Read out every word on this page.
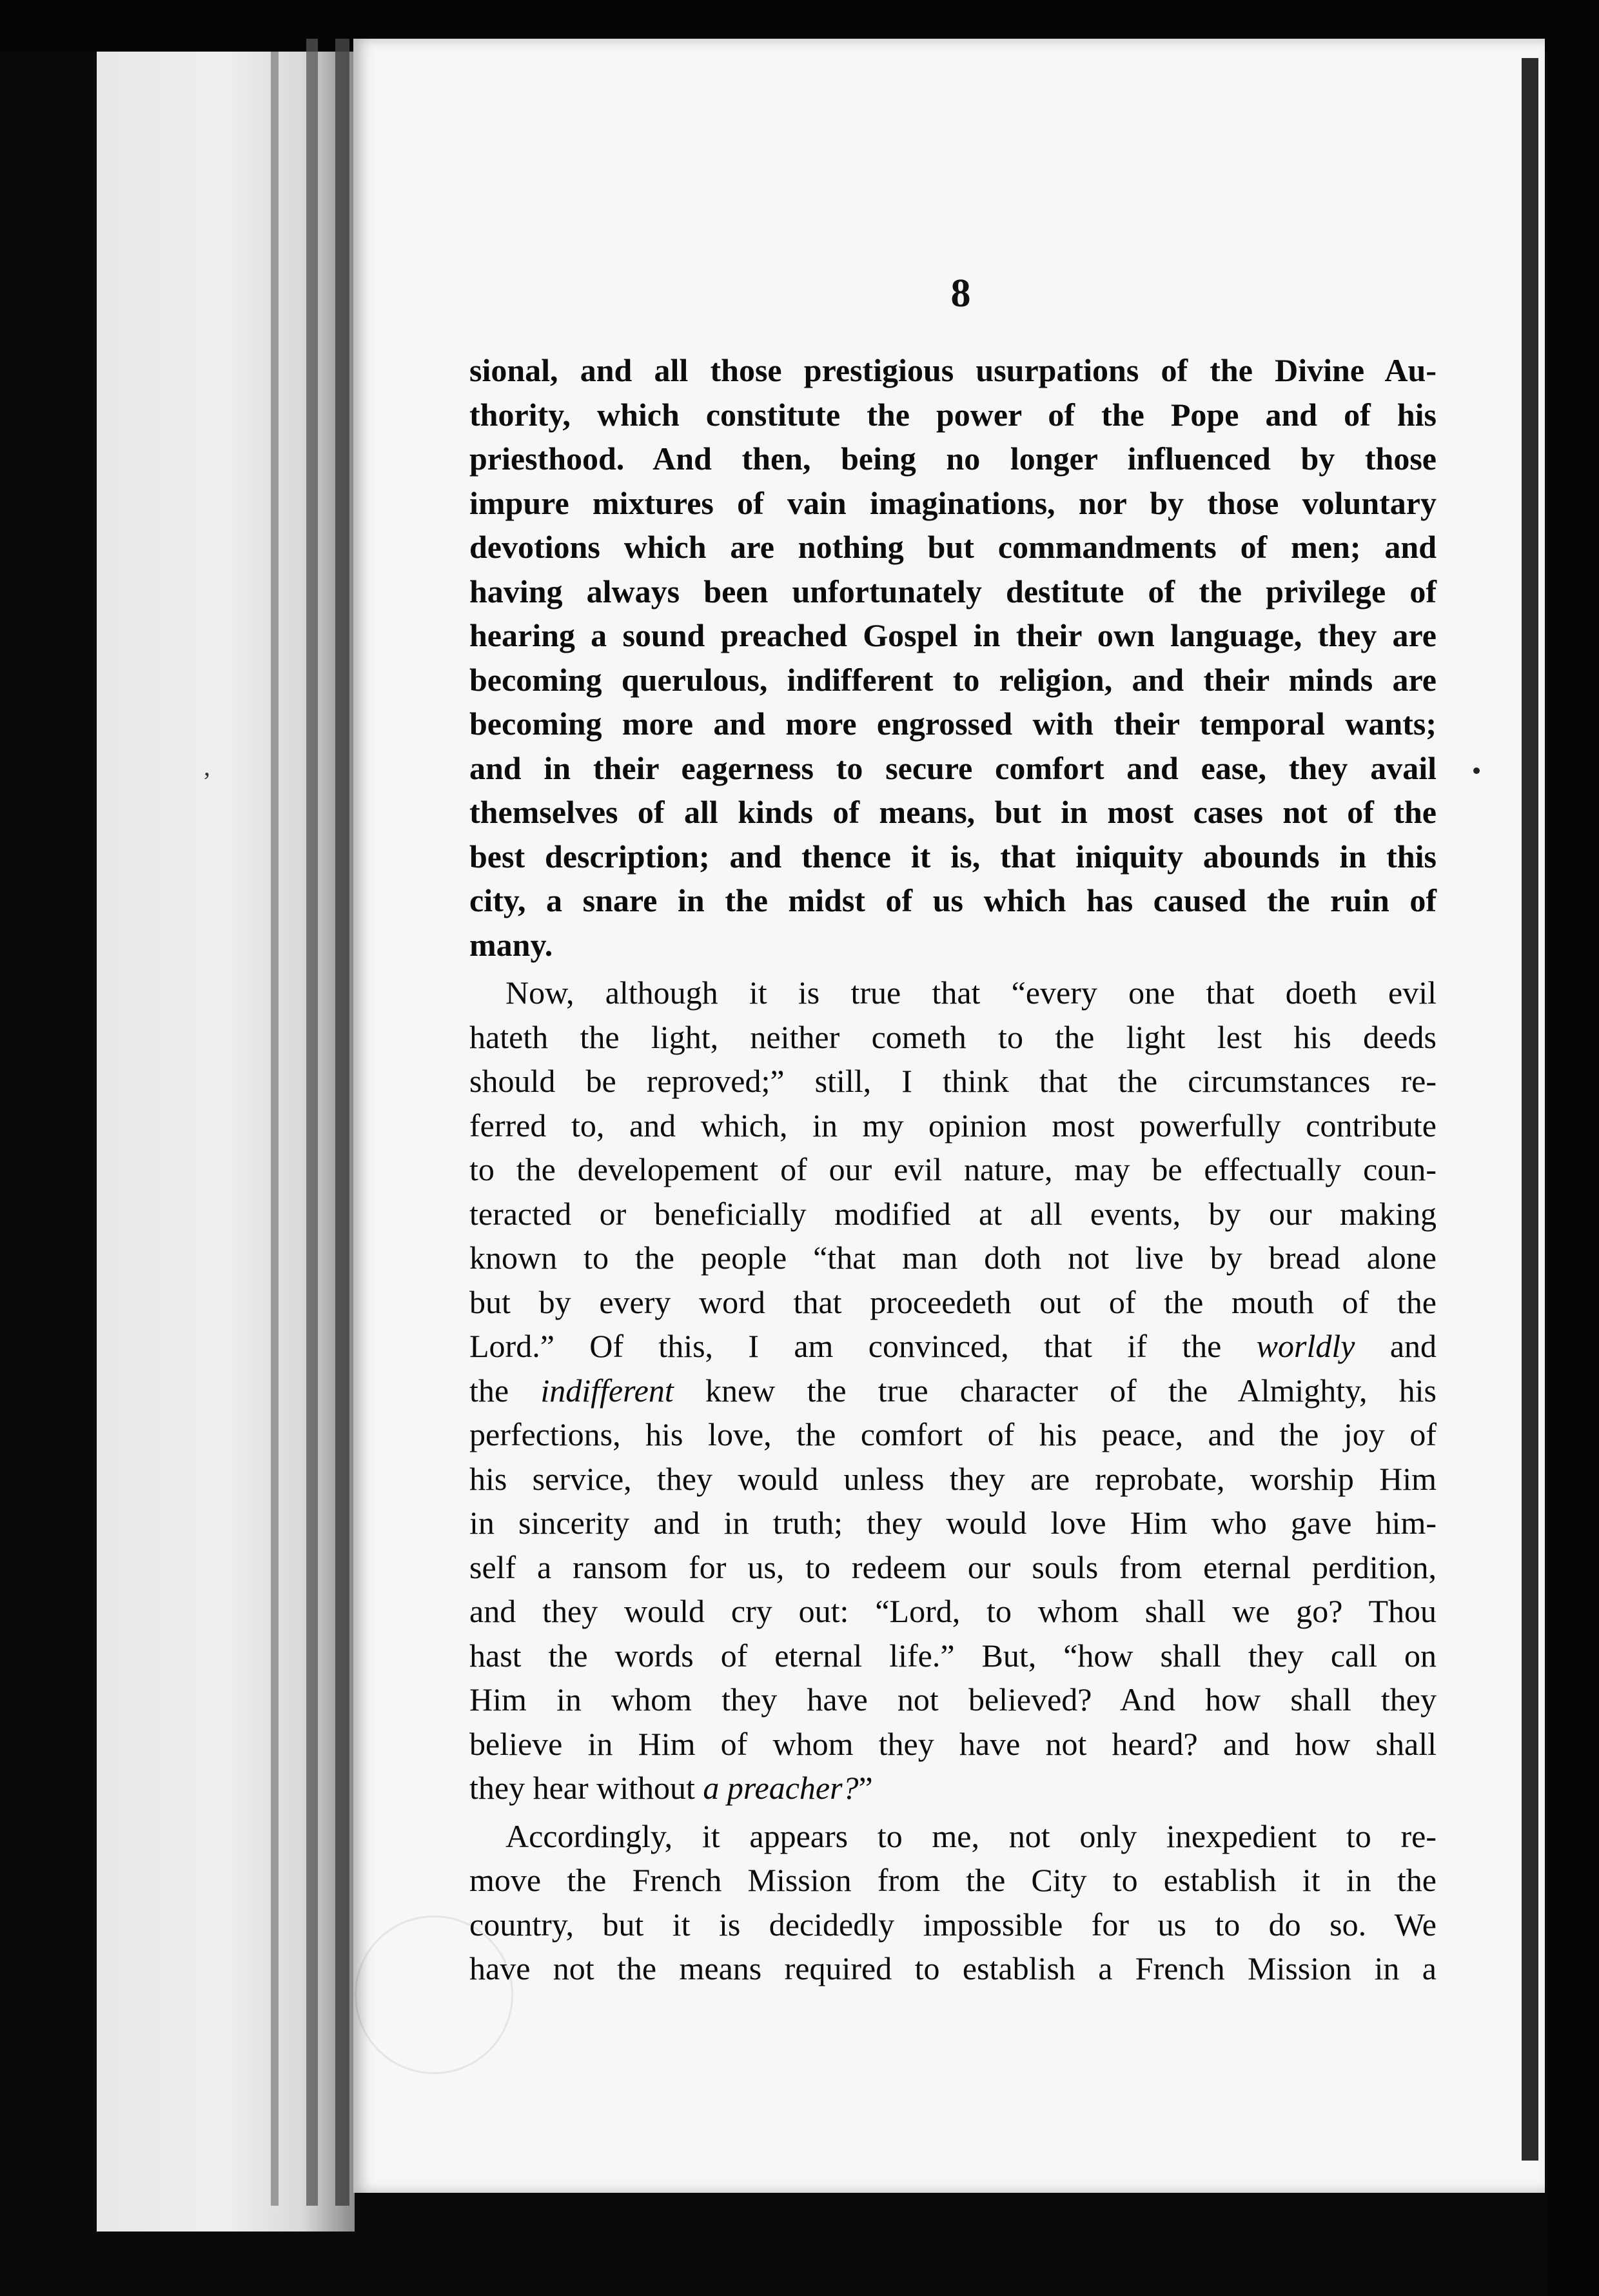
,
8
sional, and all those prestigious usurpations of the Divine Au-
thority, which constitute the power of the Pope and of his
priesthood. And then, being no longer influenced by those
impure mixtures of vain imaginations, nor by those voluntary
devotions which are nothing but commandments of men; and
having always been unfortunately destitute of the privilege of
hearing a sound preached Gospel in their own language, they are
becoming querulous, indifferent to religion, and their minds are
becoming more and more engrossed with their temporal wants;
and in their eagerness to secure comfort and ease, they avail
themselves of all kinds of means, but in most cases not of the
best description; and thence it is, that iniquity abounds in this
city, a snare in the midst of us which has caused the ruin of
many.
Now, although it is true that “every one that doeth evil
hateth the light, neither cometh to the light lest his deeds
should be reproved;” still, I think that the circumstances re-
ferred to, and which, in my opinion most powerfully contribute
to the developement of our evil nature, may be effectually coun-
teracted or beneficially modified at all events, by our making
known to the people “that man doth not live by bread alone
but by every word that proceedeth out of the mouth of the
Lord.” Of this, I am convinced, that if the worldly and
the indifferent knew the true character of the Almighty, his
perfections, his love, the comfort of his peace, and the joy of
his service, they would unless they are reprobate, worship Him
in sincerity and in truth; they would love Him who gave him-
self a ransom for us, to redeem our souls from eternal perdition,
and they would cry out: “Lord, to whom shall we go? Thou
hast the words of eternal life.” But, “how shall they call on
Him in whom they have not believed? And how shall they
believe in Him of whom they have not heard? and how shall
they hear without a preacher?”
Accordingly, it appears to me, not only inexpedient to re-
move the French Mission from the City to establish it in the
country, but it is decidedly impossible for us to do so. We
have not the means required to establish a French Mission in a
